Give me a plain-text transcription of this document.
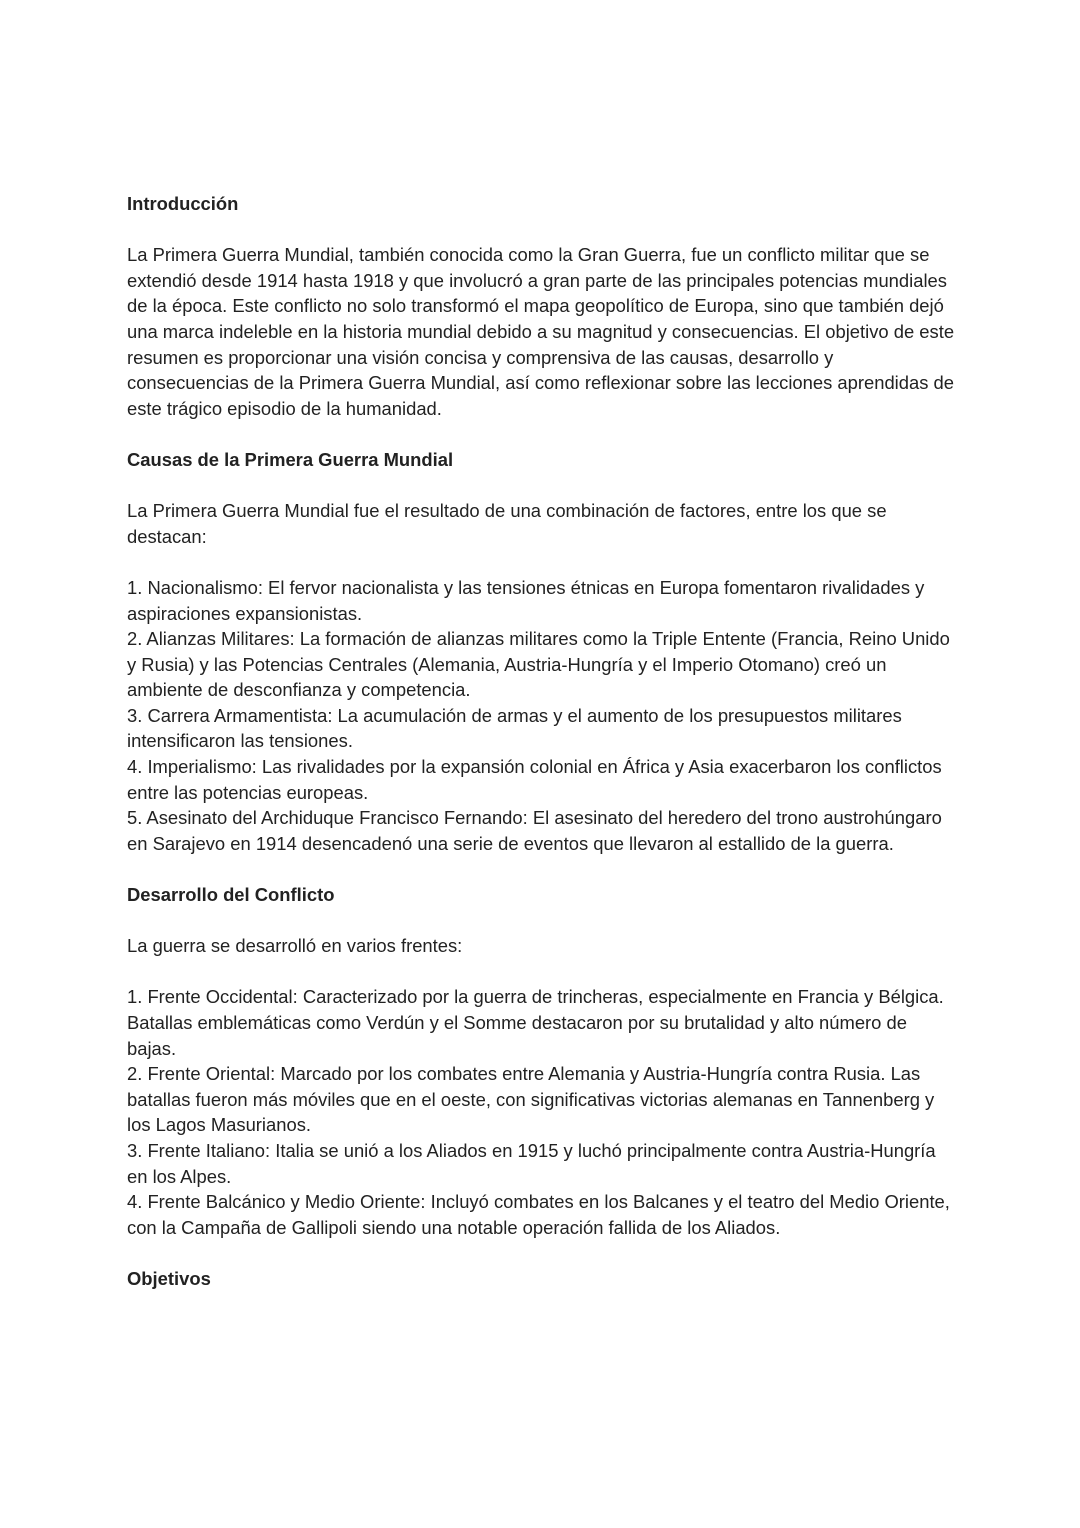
Introducción

La Primera Guerra Mundial, también conocida como la Gran Guerra, fue un conflicto militar que se extendió desde 1914 hasta 1918 y que involucró a gran parte de las principales potencias mundiales de la época. Este conflicto no solo transformó el mapa geopolítico de Europa, sino que también dejó una marca indeleble en la historia mundial debido a su magnitud y consecuencias. El objetivo de este resumen es proporcionar una visión concisa y comprensiva de las causas, desarrollo y consecuencias de la Primera Guerra Mundial, así como reflexionar sobre las lecciones aprendidas de este trágico episodio de la humanidad.

Causas de la Primera Guerra Mundial

La Primera Guerra Mundial fue el resultado de una combinación de factores, entre los que se destacan:

1. Nacionalismo: El fervor nacionalista y las tensiones étnicas en Europa fomentaron rivalidades y aspiraciones expansionistas.

2. Alianzas Militares: La formación de alianzas militares como la Triple Entente (Francia, Reino Unido y Rusia) y las Potencias Centrales (Alemania, Austria-Hungría y el Imperio Otomano) creó un ambiente de desconfianza y competencia.

3. Carrera Armamentista: La acumulación de armas y el aumento de los presupuestos militares intensificaron las tensiones.

4. Imperialismo: Las rivalidades por la expansión colonial en África y Asia exacerbaron los conflictos entre las potencias europeas.

5. Asesinato del Archiduque Francisco Fernando: El asesinato del heredero del trono austrohúngaro en Sarajevo en 1914 desencadenó una serie de eventos que llevaron al estallido de la guerra.

Desarrollo del Conflicto

La guerra se desarrolló en varios frentes:

1. Frente Occidental: Caracterizado por la guerra de trincheras, especialmente en Francia y Bélgica. Batallas emblemáticas como Verdún y el Somme destacaron por su brutalidad y alto número de bajas.

2. Frente Oriental: Marcado por los combates entre Alemania y Austria-Hungría contra Rusia. Las batallas fueron más móviles que en el oeste, con significativas victorias alemanas en Tannenberg y los Lagos Masurianos.

3. Frente Italiano: Italia se unió a los Aliados en 1915 y luchó principalmente contra Austria-Hungría en los Alpes.

4. Frente Balcánico y Medio Oriente: Incluyó combates en los Balcanes y el teatro del Medio Oriente, con la Campaña de Gallipoli siendo una notable operación fallida de los Aliados.

Objetivos
